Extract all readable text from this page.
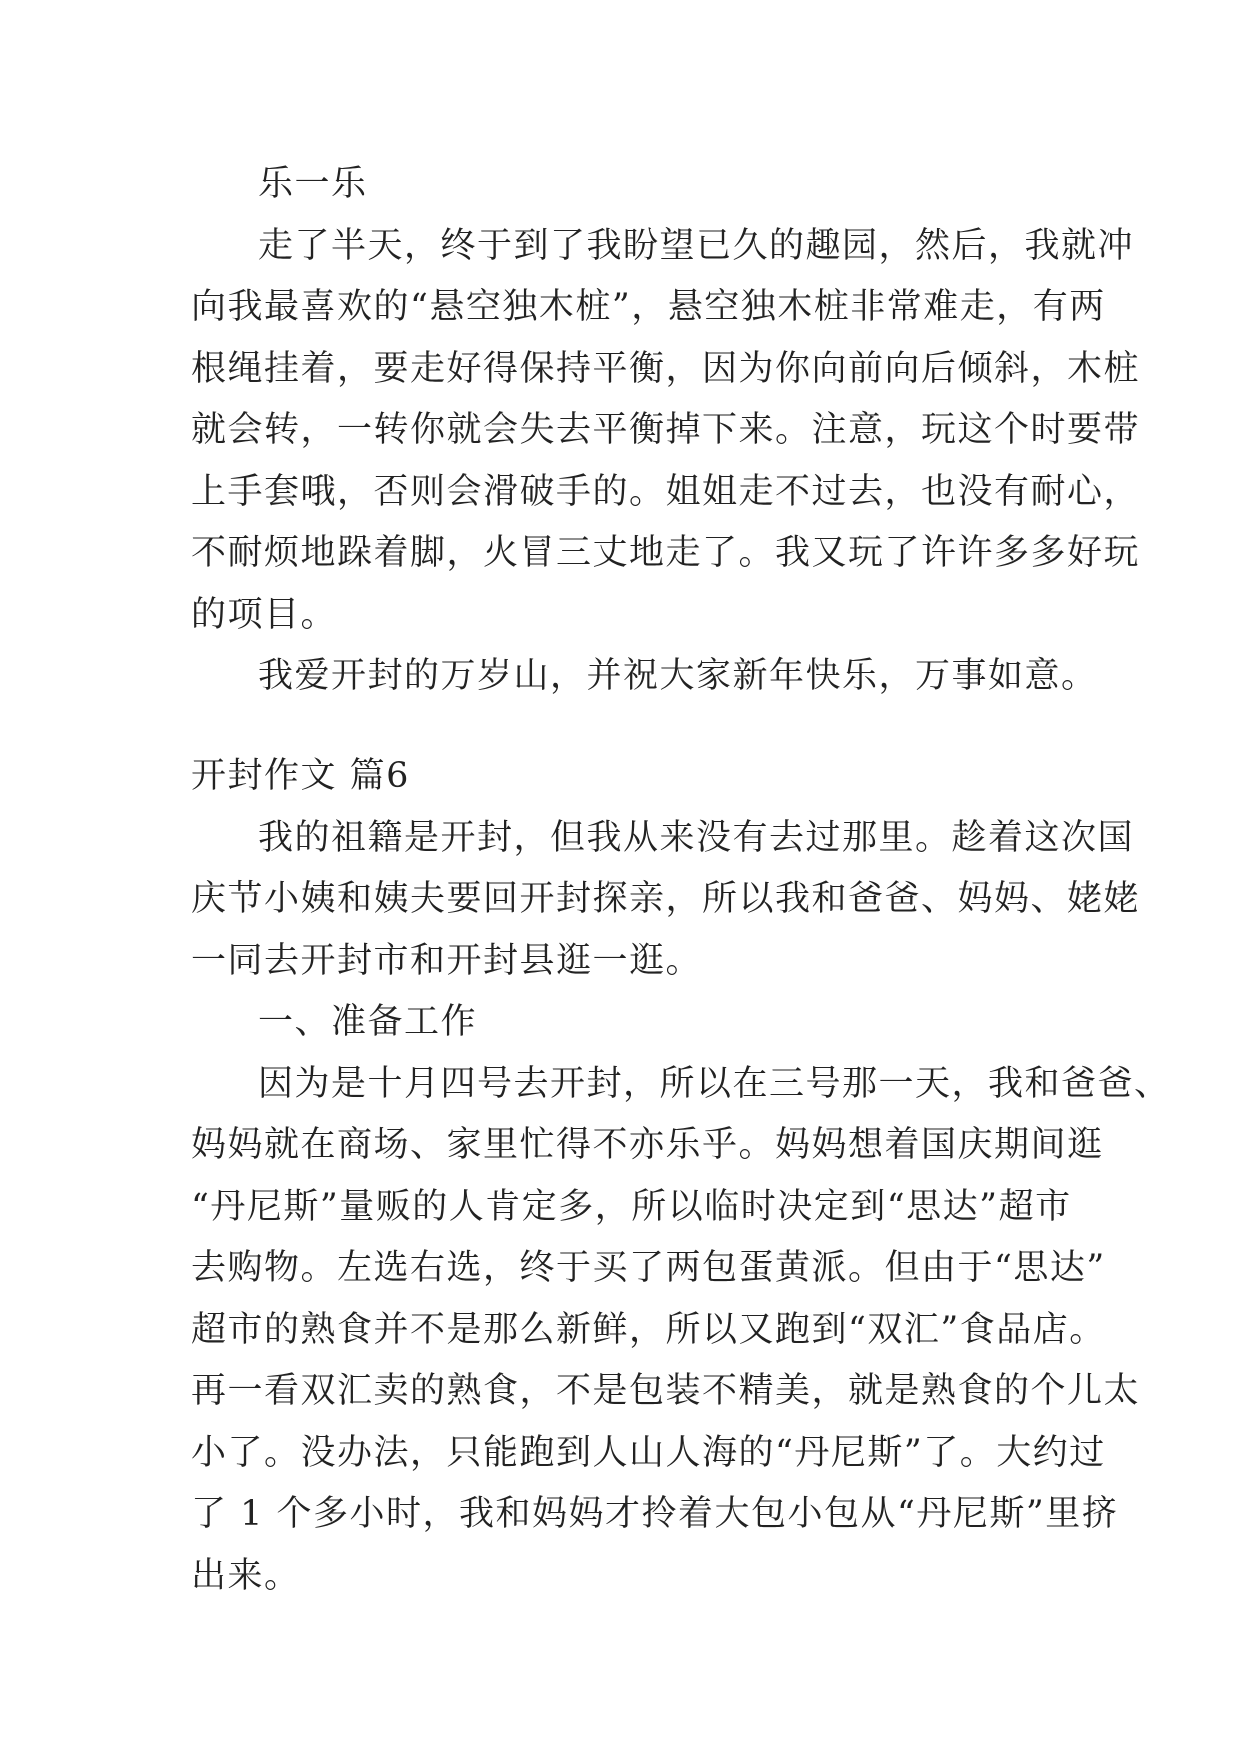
乐一乐
走了半天，终于到了我盼望已久的趣园，然后，我就冲
向我最喜欢的“悬空独木桩”，悬空独木桩非常难走，有两
根绳挂着，要走好得保持平衡，因为你向前向后倾斜，木桩
就会转，一转你就会失去平衡掉下来。注意，玩这个时要带
上手套哦，否则会滑破手的。姐姐走不过去，也没有耐心，
不耐烦地跺着脚，火冒三丈地走了。我又玩了许许多多好玩
的项目。
我爱开封的万岁山，并祝大家新年快乐，万事如意。
开封作文 篇6
我的祖籍是开封，但我从来没有去过那里。趁着这次国
庆节小姨和姨夫要回开封探亲，所以我和爸爸、妈妈、姥姥
一同去开封市和开封县逛一逛。
一、准备工作
因为是十月四号去开封，所以在三号那一天，我和爸爸、
妈妈就在商场、家里忙得不亦乐乎。妈妈想着国庆期间逛
“丹尼斯”量贩的人肯定多，所以临时决定到“思达”超市
去购物。左选右选，终于买了两包蛋黄派。但由于“思达”
超市的熟食并不是那么新鲜，所以又跑到“双汇”食品店。
再一看双汇卖的熟食，不是包装不精美，就是熟食的个儿太
小了。没办法，只能跑到人山人海的“丹尼斯”了。大约过
了 1 个多小时，我和妈妈才拎着大包小包从“丹尼斯”里挤
出来。
